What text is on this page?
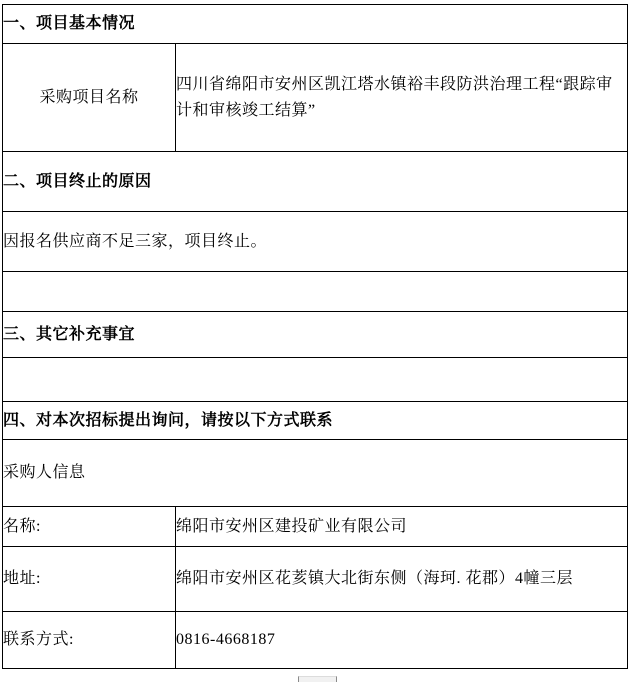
一、项目基本情况	
采购项目名称	四川省绵阳市安州区凯江塔水镇裕丰段防洪治理工程“跟踪审计和审核竣工结算”
二、项目终止的原因	
因报名供应商不足三家，项目终止。	

三、其它补充事宜	

四、对本次招标提出询问，请按以下方式联系	
采购人信息	
名称:	绵阳市安州区建投矿业有限公司
地址:	绵阳市安州区花荄镇大北街东侧（海珂. 花郡）4幢三层
联系方式:	0816-4668187
